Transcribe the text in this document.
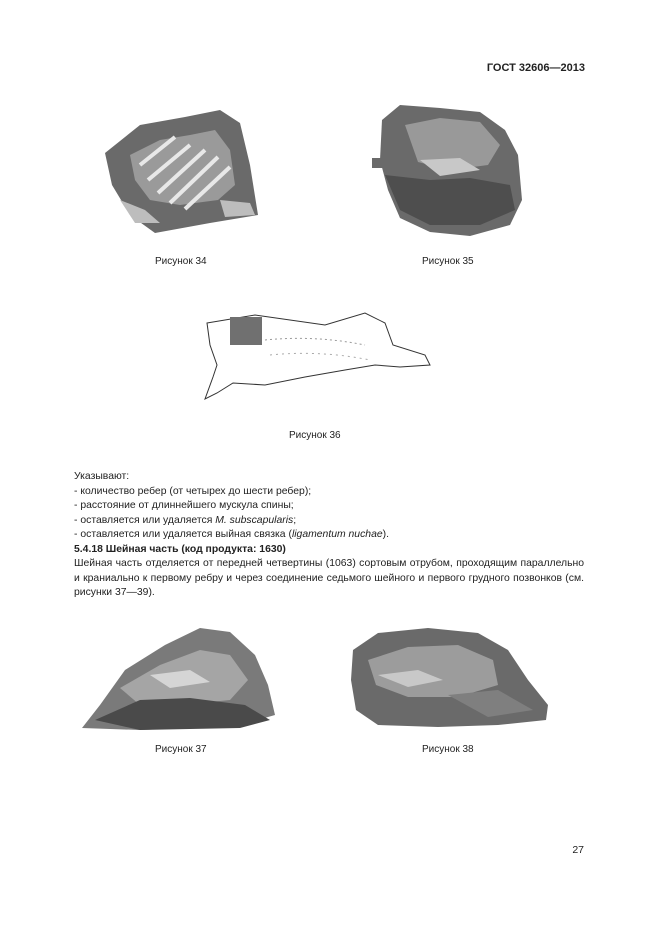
ГОСТ 32606—2013
Рисунок 34	Рисунок 35
Рисунок 36

Указывают:

- количество ребер (от четырех до шести ребер);

- расстояние от длиннейшего мускула спины;

- оставляется или удаляется M. subscapularis;

- оставляется или удаляется выйная связка (ligamentum nuchae).

5.4.18 Шейная часть (код продукта: 1630)

Шейная часть отделяется от передней четвертины (1063) сортовым отрубом, проходящим параллельно и краниально к первому ребру и через соединение седьмого шейного и первого грудного позвонков (см. рисунки 37—39).

Рисунок 37	Рисунок 38
27
